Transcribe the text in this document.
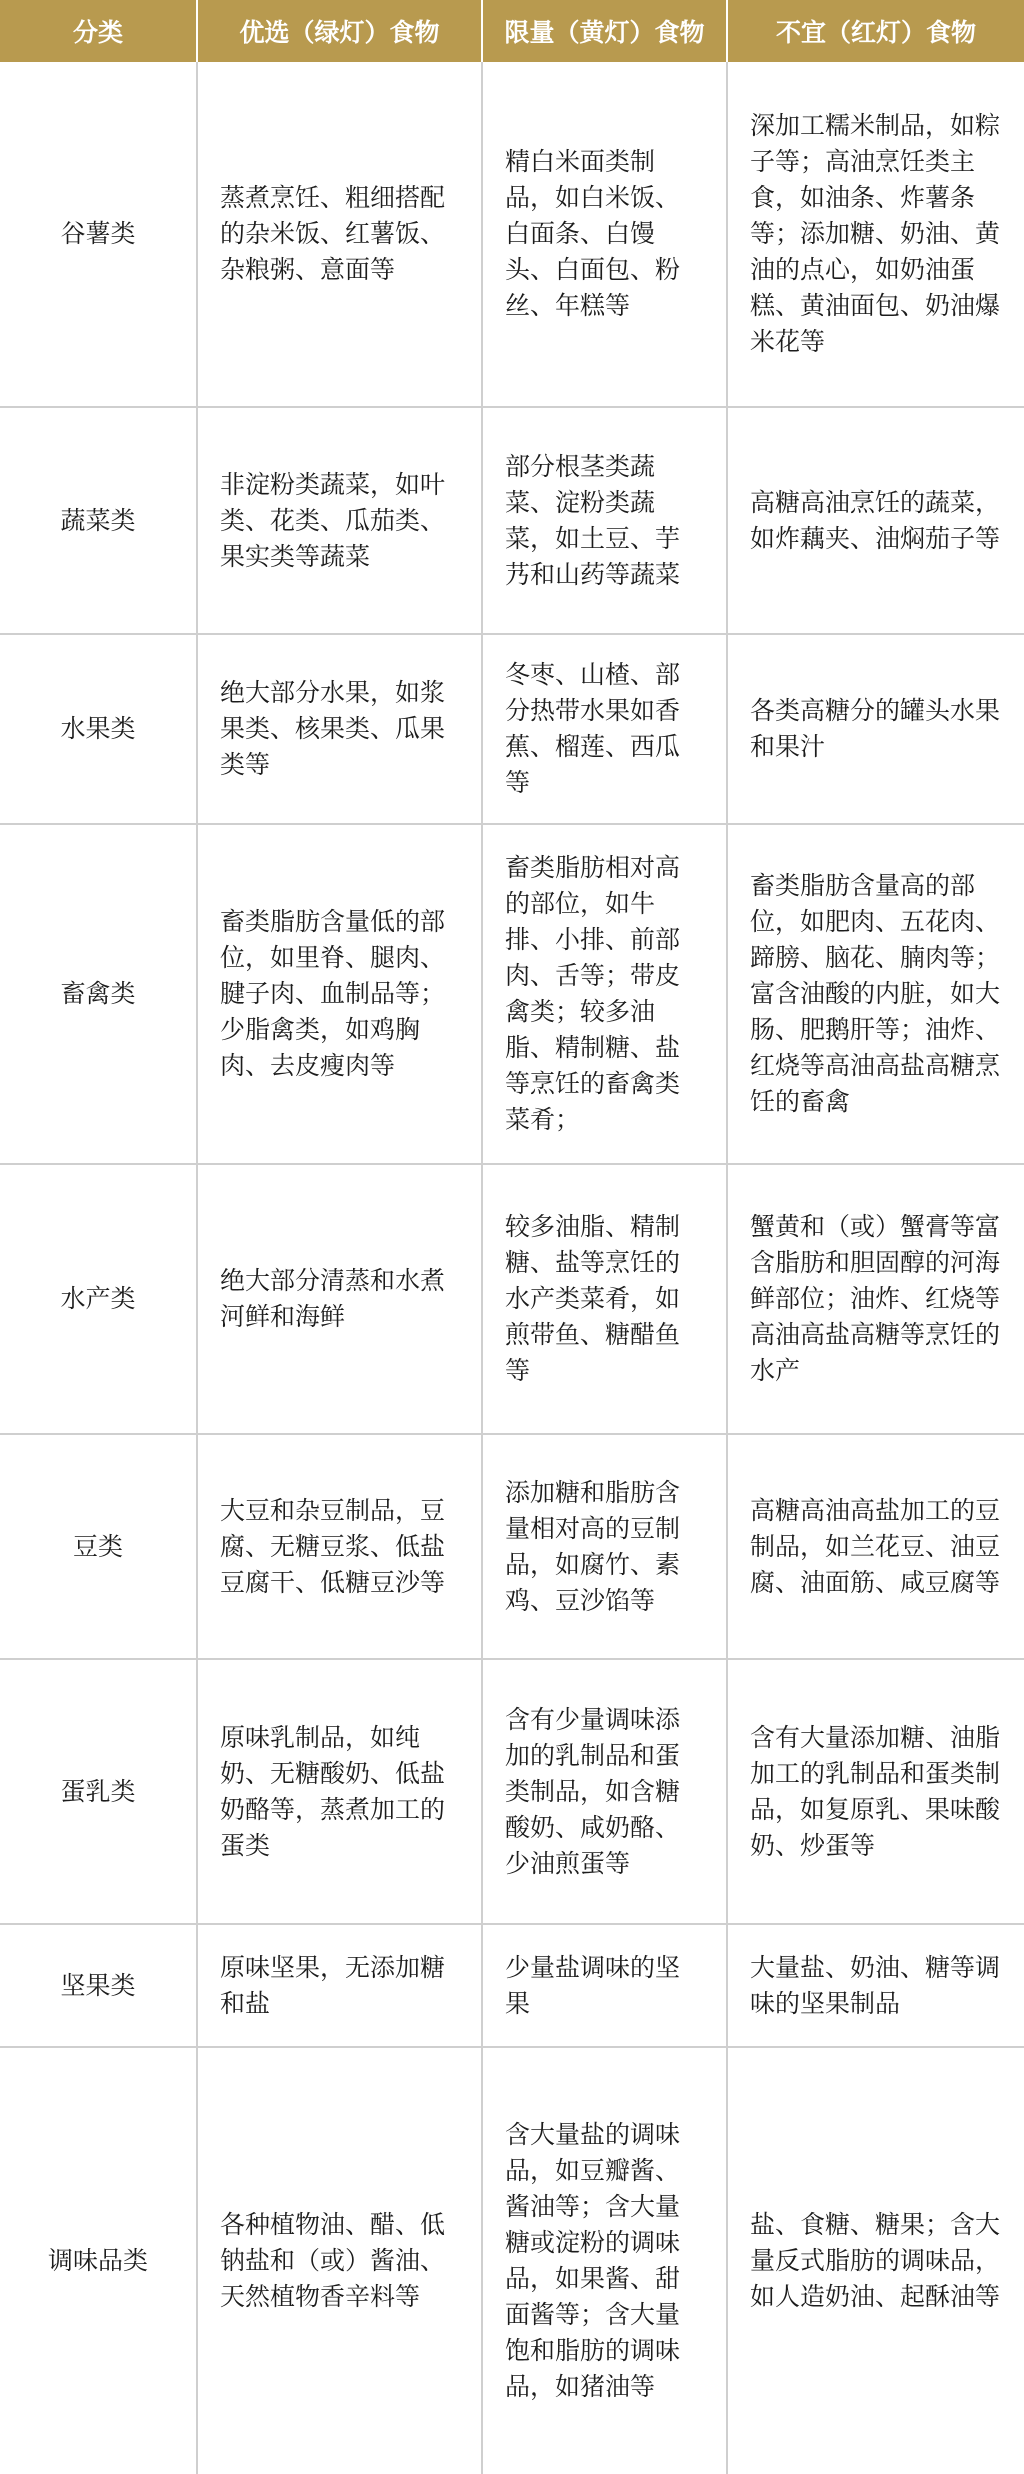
分类	优选（绿灯）食物	限量（黄灯）食物	不宜（红灯）食物
谷薯类	蒸煮烹饪、粗细搭配的杂米饭、红薯饭、杂粮粥、意面等	精白米面类制品，如白米饭、白面条、白馒头、白面包、粉丝、年糕等	深加工糯米制品，如粽子等；高油烹饪类主食，如油条、炸薯条等；添加糖、奶油、黄油的点心，如奶油蛋糕、黄油面包、奶油爆米花等
蔬菜类	非淀粉类蔬菜，如叶类、花类、瓜茄类、果实类等蔬菜	部分根茎类蔬菜、淀粉类蔬菜，如土豆、芋艿和山药等蔬菜	高糖高油烹饪的蔬菜，如炸藕夹、油焖茄子等
水果类	绝大部分水果，如浆果类、核果类、瓜果类等	冬枣、山楂、部分热带水果如香蕉、榴莲、西瓜等	各类高糖分的罐头水果和果汁
畜禽类	畜类脂肪含量低的部位，如里脊、腿肉、腱子肉、血制品等；少脂禽类，如鸡胸肉、去皮瘦肉等	畜类脂肪相对高的部位，如牛排、小排、前部肉、舌等；带皮禽类；较多油脂、精制糖、盐等烹饪的畜禽类菜肴；	畜类脂肪含量高的部位，如肥肉、五花肉、蹄膀、脑花、腩肉等；富含油酸的内脏，如大肠、肥鹅肝等；油炸、红烧等高油高盐高糖烹饪的畜禽
水产类	绝大部分清蒸和水煮河鲜和海鲜	较多油脂、精制糖、盐等烹饪的水产类菜肴，如煎带鱼、糖醋鱼等	蟹黄和（或）蟹膏等富含脂肪和胆固醇的河海鲜部位；油炸、红烧等高油高盐高糖等烹饪的水产
豆类	大豆和杂豆制品，豆腐、无糖豆浆、低盐豆腐干、低糖豆沙等	添加糖和脂肪含量相对高的豆制品，如腐竹、素鸡、豆沙馅等	高糖高油高盐加工的豆制品，如兰花豆、油豆腐、油面筋、咸豆腐等
蛋乳类	原味乳制品，如纯奶、无糖酸奶、低盐奶酪等，蒸煮加工的蛋类	含有少量调味添加的乳制品和蛋类制品，如含糖酸奶、咸奶酪、少油煎蛋等	含有大量添加糖、油脂加工的乳制品和蛋类制品，如复原乳、果味酸奶、炒蛋等
坚果类	原味坚果，无添加糖和盐	少量盐调味的坚果	大量盐、奶油、糖等调味的坚果制品
调味品类	各种植物油、醋、低钠盐和（或）酱油、天然植物香辛料等	含大量盐的调味品，如豆瓣酱、酱油等；含大量糖或淀粉的调味品，如果酱、甜面酱等；含大量饱和脂肪的调味品，如猪油等	盐、食糖、糖果；含大量反式脂肪的调味品，如人造奶油、起酥油等
